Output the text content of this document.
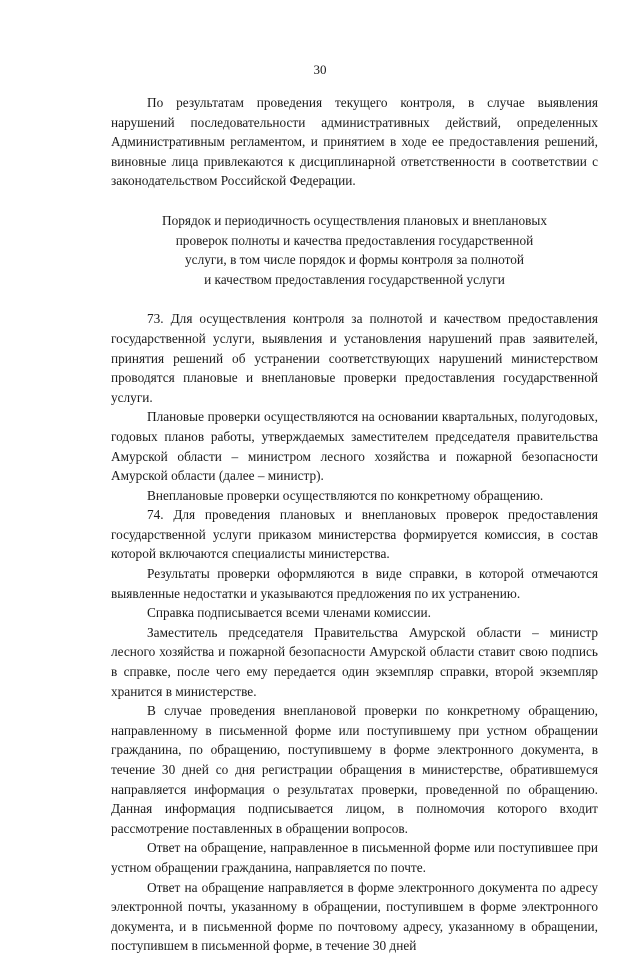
30

По результатам проведения текущего контроля, в случае выявления нарушений последовательности административных действий, определенных Административным регламентом, и принятием в ходе ее предоставления решений, виновные лица привлекаются к дисциплинарной ответственности в соответствии с законодательством Российской Федерации.

Порядок и периодичность осуществления плановых и внеплановых
проверок полноты и качества предоставления государственной
услуги, в том числе порядок и формы контроля за полнотой
и качеством предоставления государственной услуги

73. Для осуществления контроля за полнотой и качеством предоставления государственной услуги, выявления и установления нарушений прав заявителей, принятия решений об устранении соответствующих нарушений министерством проводятся плановые и внеплановые проверки предоставления государственной услуги.

Плановые проверки осуществляются на основании квартальных, полугодовых, годовых планов работы, утверждаемых заместителем председателя правительства Амурской области – министром лесного хозяйства и пожарной безопасности Амурской области (далее – министр).

Внеплановые проверки осуществляются по конкретному обращению.

74. Для проведения плановых и внеплановых проверок предоставления государственной услуги приказом министерства формируется комиссия, в состав которой включаются специалисты министерства.

Результаты проверки оформляются в виде справки, в которой отмечаются выявленные недостатки и указываются предложения по их устранению.

Справка подписывается всеми членами комиссии.

Заместитель председателя Правительства Амурской области – министр лесного хозяйства и пожарной безопасности Амурской области ставит свою подпись в справке, после чего ему передается один экземпляр справки, второй экземпляр хранится в министерстве.

В случае проведения внеплановой проверки по конкретному обращению, направленному в письменной форме или поступившему при устном обращении гражданина, по обращению, поступившему в форме электронного документа, в течение 30 дней со дня регистрации обращения в министерстве, обратившемуся направляется информация о результатах проверки, проведенной по обращению. Данная информация подписывается лицом, в полномочия которого входит рассмотрение поставленных в обращении вопросов.

Ответ на обращение, направленное в письменной форме или поступившее при устном обращении гражданина, направляется по почте.

Ответ на обращение направляется в форме электронного документа по адресу электронной почты, указанному в обращении, поступившем в форме электронного документа, и в письменной форме по почтовому адресу, указанному в обращении, поступившем в письменной форме, в течение 30 дней
